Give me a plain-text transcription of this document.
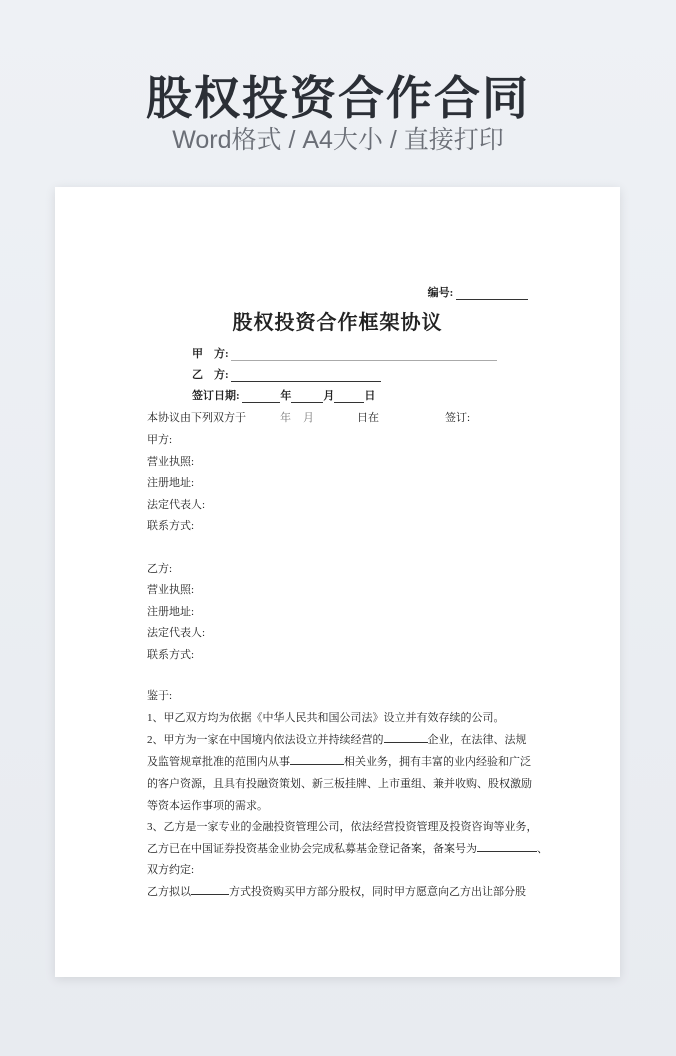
股权投资合作合同
Word格式 / A4大小 / 直接打印
编号:
股权投资合作框架协议
甲　方:
乙　方:
签订日期:	年	月	日
本协议由下列双方于	年 月	日在	签订:
甲方:
营业执照:
注册地址:
法定代表人:
联系方式:
乙方:
营业执照:
注册地址:
法定代表人:
联系方式:
鉴于:
1、甲乙双方均为依据《中华人民共和国公司法》设立并有效存续的公司。
2、甲方为一家在中国境内依法设立并持续经营的	企业，在法律、法规
及监管规章批准的范围内从事	相关业务，拥有丰富的业内经验和广泛
的客户资源，且具有投融资策划、新三板挂牌、上市重组、兼并收购、股权激励
等资本运作事项的需求。
3、乙方是一家专业的金融投资管理公司，依法经营投资管理及投资咨询等业务，
乙方已在中国证券投资基金业协会完成私募基金登记备案，备案号为	、
双方约定:
乙方拟以	方式投资购买甲方部分股权，同时甲方愿意向乙方出让部分股
